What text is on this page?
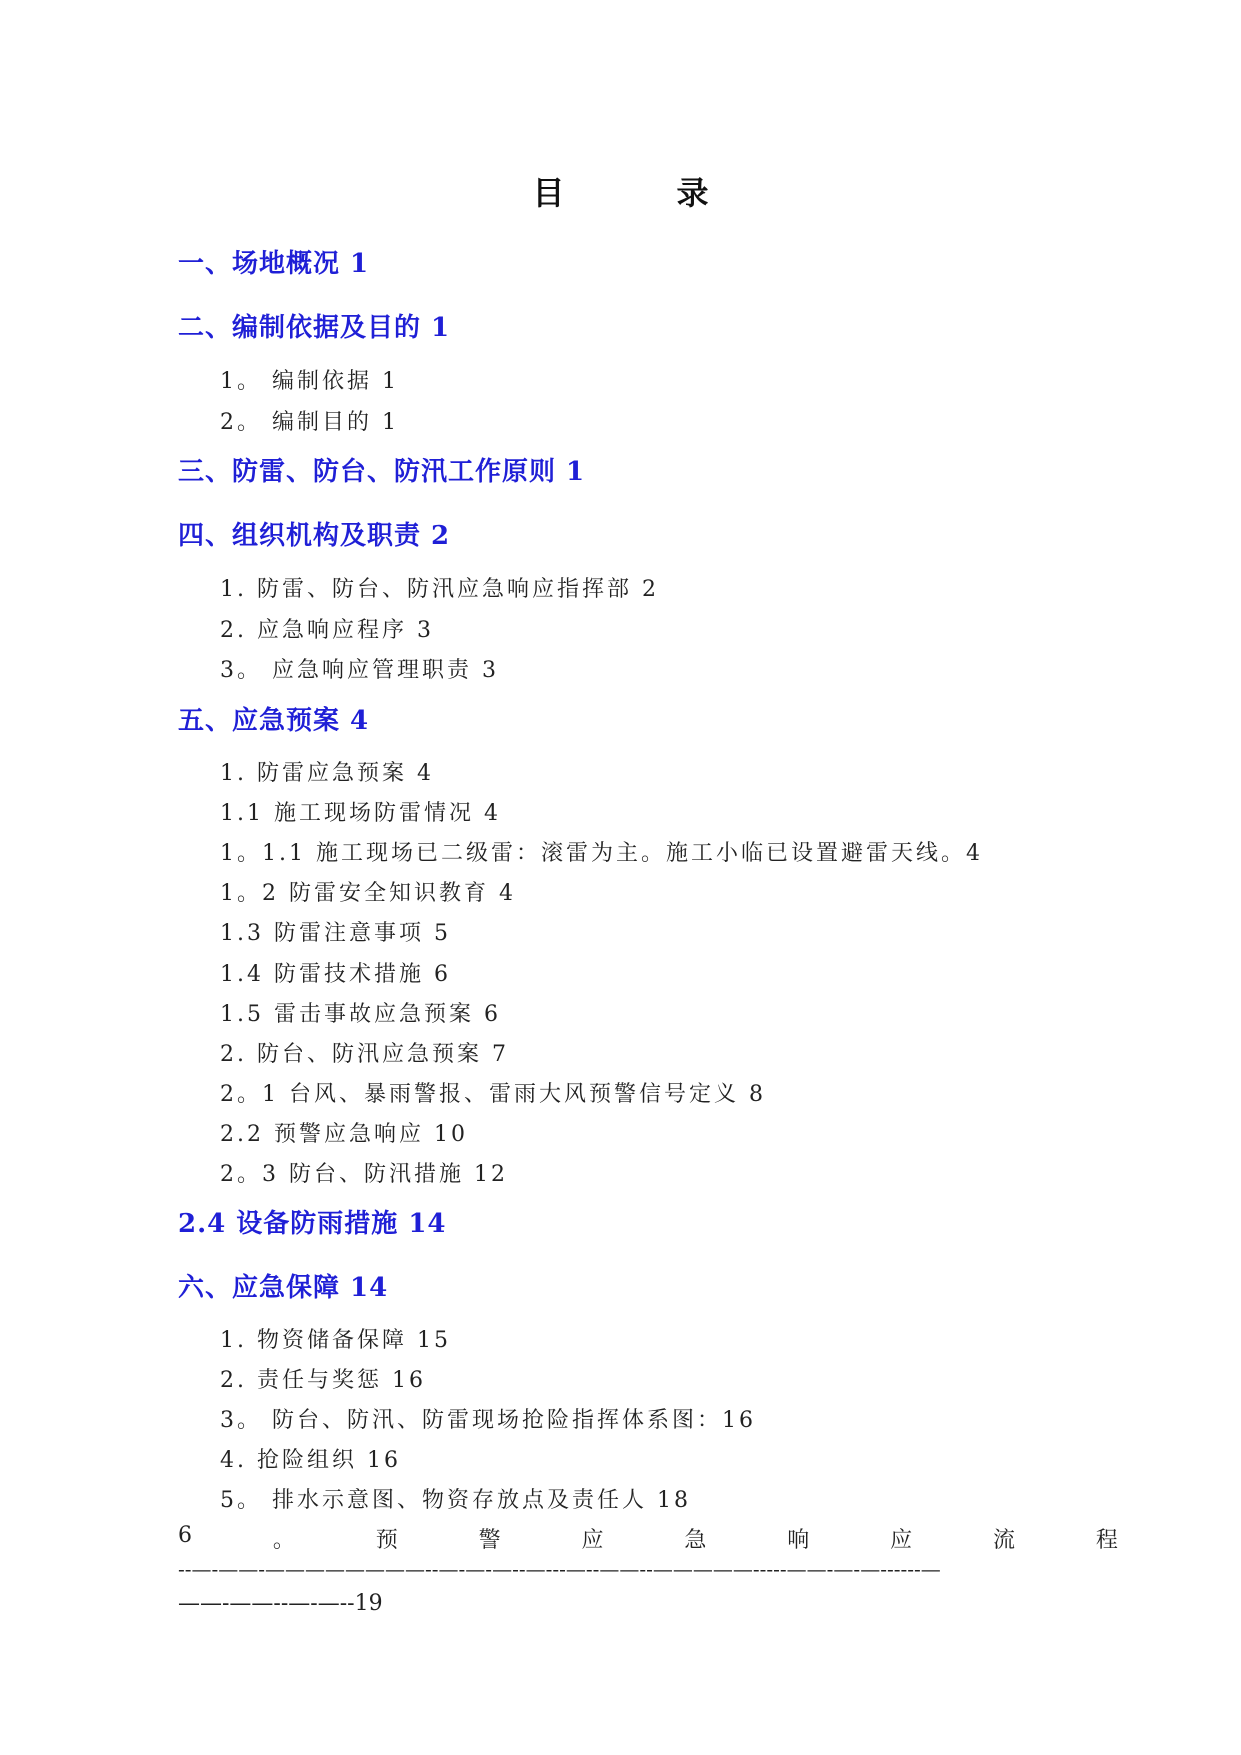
目　录
一、场地概况 1
二、编制依据及目的 1
1。 编制依据 1
2。 编制目的 1
三、防雷、防台、防汛工作原则 1
四、组织机构及职责 2
1. 防雷、防台、防汛应急响应指挥部 2
2. 应急响应程序 3
3。 应急响应管理职责 3
五、应急预案 4
1. 防雷应急预案 4
1.1 施工现场防雷情况 4
1。1.1 施工现场已二级雷：滚雷为主。施工小临已设置避雷天线。4
1。2 防雷安全知识教育 4
1.3 防雷注意事项 5
1.4 防雷技术措施 6
1.5 雷击事故应急预案 6
2. 防台、防汛应急预案 7
2。1 台风、暴雨警报、雷雨大风预警信号定义 8
2.2 预警应急响应 10
2。3 防台、防汛措施 12
2.4 设备防雨措施 14
六、应急保障 14
1. 物资储备保障 15
2. 责任与奖惩 16
3。 防台、防汛、防雷现场抢险指挥体系图：16
4. 抢险组织 16
5。 排水示意图、物资存放点及责任人 18
6	。	预	警	应	急	响	应	流	程
--—-——-————————--—-—-—--—---—--——--—————-----——-—-—------—
——-——--—-—--19
